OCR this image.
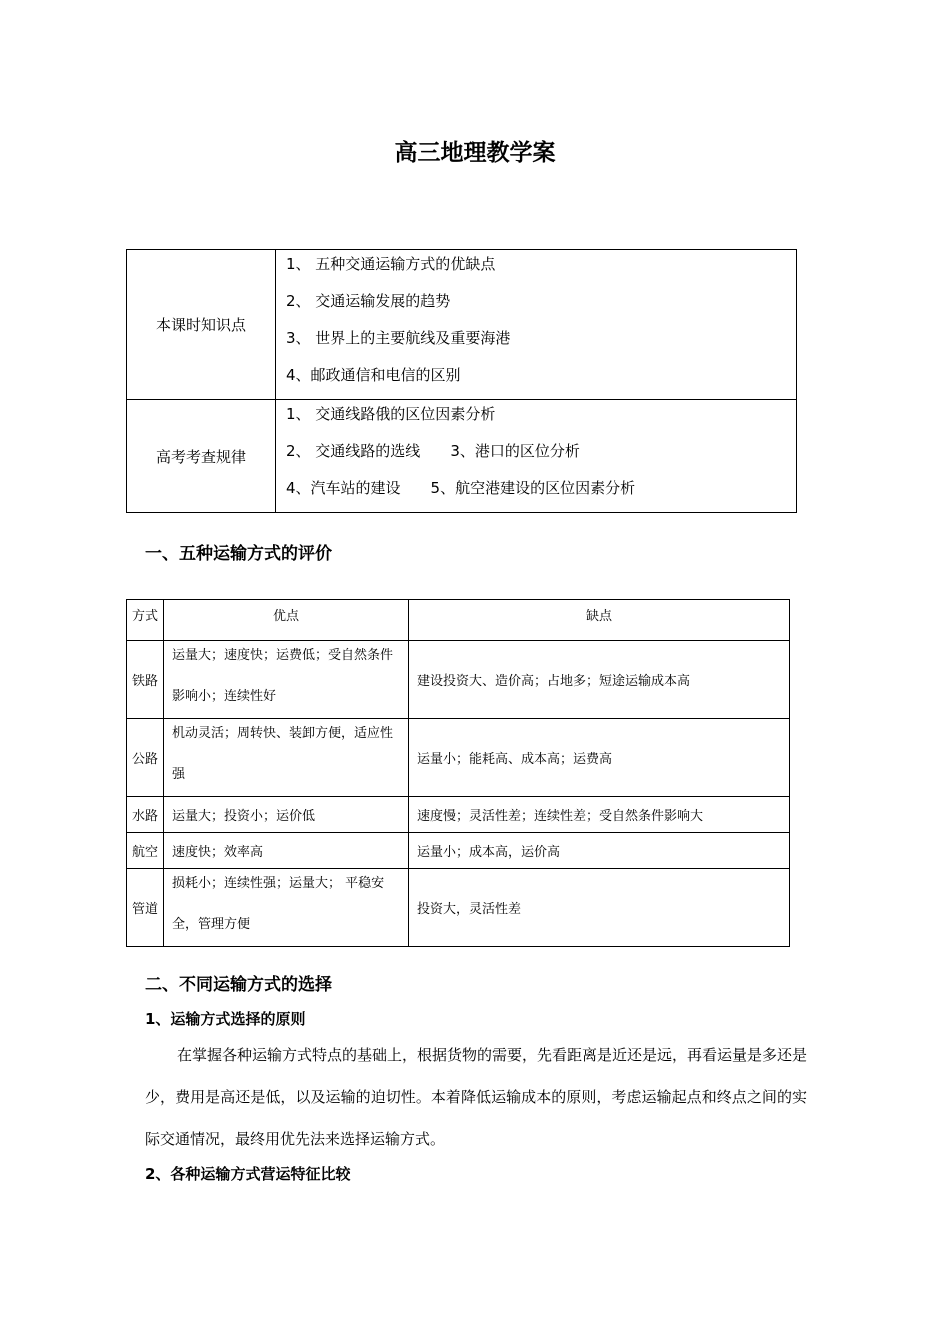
高三地理教学案
本课时知识点	1、 五种交通运输方式的优缺点
2、 交通运输发展的趋势
3、 世界上的主要航线及重要海港
4、邮政通信和电信的区别

高考考查规律	1、 交通线路俄的区位因素分析
2、 交通线路的选线 3、港口的区位分析
4、汽车站的建设 5、航空港建设的区位因素分析
一、五种运输方式的评价
方式	优点	缺点
铁路	运量大；速度快；运费低；受自然条件影响小；连续性好	建设投资大、造价高；占地多；短途运输成本高
公路	机动灵活；周转快、装卸方便，适应性强	运量小；能耗高、成本高；运费高
水路	运量大；投资小；运价低	速度慢；灵活性差；连续性差；受自然条件影响大
航空	速度快；效率高	运量小；成本高，运价高
管道	损耗小；连续性强；运量大； 平稳安全，管理方便	投资大，灵活性差
二、不同运输方式的选择
1、运输方式选择的原则
在掌握各种运输方式特点的基础上，根据货物的需要，先看距离是近还是远，再看运量是多还是少，费用是高还是低，以及运输的迫切性。本着降低运输成本的原则，考虑运输起点和终点之间的实际交通情况，最终用优先法来选择运输方式。
2、各种运输方式营运特征比较
